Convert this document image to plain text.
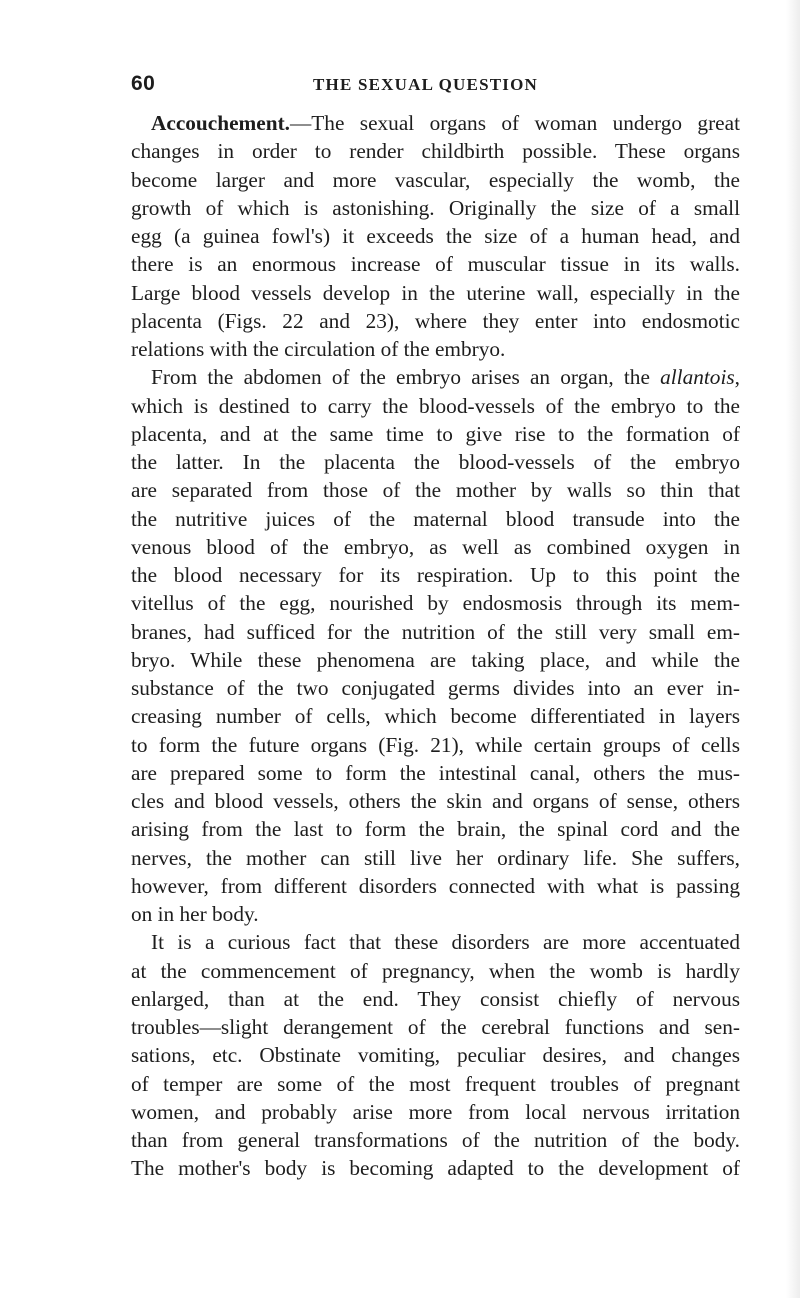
60	THE SEXUAL QUESTION
Accouchement.—The sexual organs of woman undergo great
changes in order to render childbirth possible. These organs
become larger and more vascular, especially the womb, the
growth of which is astonishing. Originally the size of a small
egg (a guinea fowl's) it exceeds the size of a human head, and
there is an enormous increase of muscular tissue in its walls.
Large blood vessels develop in the uterine wall, especially in the
placenta (Figs. 22 and 23), where they enter into endosmotic
relations with the circulation of the embryo.
From the abdomen of the embryo arises an organ, the allantois,
which is destined to carry the blood-vessels of the embryo to the
placenta, and at the same time to give rise to the formation of
the latter. In the placenta the blood-vessels of the embryo
are separated from those of the mother by walls so thin that
the nutritive juices of the maternal blood transude into the
venous blood of the embryo, as well as combined oxygen in
the blood necessary for its respiration. Up to this point the
vitellus of the egg, nourished by endosmosis through its mem-
branes, had sufficed for the nutrition of the still very small em-
bryo. While these phenomena are taking place, and while the
substance of the two conjugated germs divides into an ever in-
creasing number of cells, which become differentiated in layers
to form the future organs (Fig. 21), while certain groups of cells
are prepared some to form the intestinal canal, others the mus-
cles and blood vessels, others the skin and organs of sense, others
arising from the last to form the brain, the spinal cord and the
nerves, the mother can still live her ordinary life. She suffers,
however, from different disorders connected with what is passing
on in her body.
It is a curious fact that these disorders are more accentuated
at the commencement of pregnancy, when the womb is hardly
enlarged, than at the end. They consist chiefly of nervous
troubles—slight derangement of the cerebral functions and sen-
sations, etc. Obstinate vomiting, peculiar desires, and changes
of temper are some of the most frequent troubles of pregnant
women, and probably arise more from local nervous irritation
than from general transformations of the nutrition of the body.
The mother's body is becoming adapted to the development of
